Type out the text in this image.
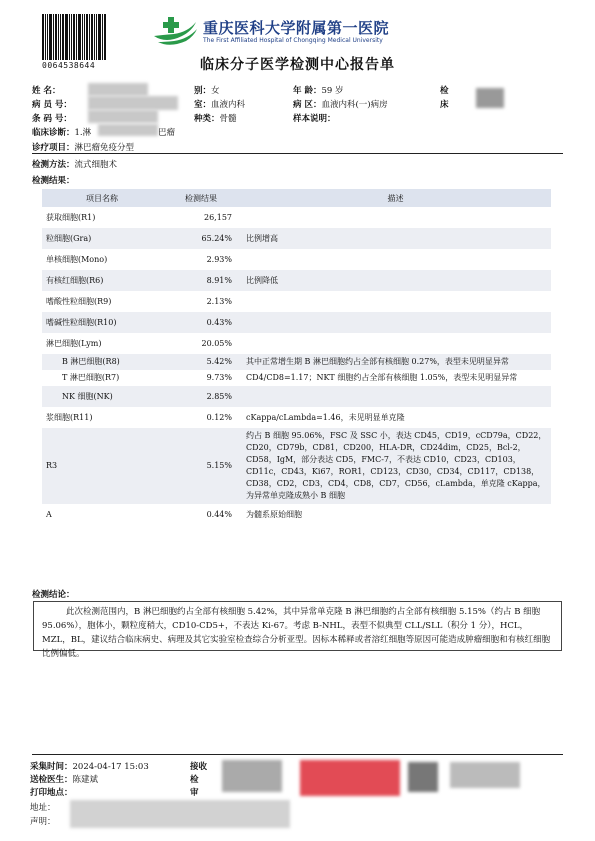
0064538644
重庆医科大学附属第一医院
The First Affiliated Hospital of Chongqing Medical University
临床分子医学检测中心报告单
姓 名：	别：女	年 龄：59 岁	检
病 员 号：	室：血液内科	病 区：血液内科(一)病房	床
条 码 号：	种类：骨髓	样本说明：
临床诊断：1.淋	巴瘤
诊疗项目：淋巴瘤免疫分型
检测方法：流式细胞术
检测结果：
项目名称	检测结果	描述
获取细胞(R1)	26,157	
粒细胞(Gra)	65.24%	比例增高
单核细胞(Mono)	2.93%	
有核红细胞(R6)	8.91%	比例降低
嗜酸性粒细胞(R9)	2.13%	
嗜碱性粒细胞(R10)	0.43%	
淋巴细胞(Lym)	20.05%	
B 淋巴细胞(R8)	5.42%	其中正常增生期 B 淋巴细胞约占全部有核细胞 0.27%，表型未见明显异常
T 淋巴细胞(R7)	9.73%	CD4/CD8=1.17；NKT 细胞约占全部有核细胞 1.05%，表型未见明显异常
NK 细胞(NK)	2.85%	
浆细胞(R11)	0.12%	cKappa/cLambda=1.46，未见明显单克隆
R3	5.15%	约占 B 细胞 95.06%，FSC 及 SSC 小，表达 CD45，CD19，cCD79a，CD22，CD20，CD79b，CD81，CD200，HLA-DR，CD24dim，CD25，Bcl-2，CD58，IgM，部分表达 CD5，FMC-7，不表达 CD10，CD23，CD103，CD11c，CD43，Ki67，ROR1，CD123，CD30，CD34，CD117，CD138，CD38，CD2，CD3，CD4，CD8，CD7，CD56，cLambda，单克隆 cKappa，为异常单克隆成熟小 B 细胞
A	0.44%	为髓系原始细胞
检测结论：
此次检测范围内，B 淋巴细胞约占全部有核细胞 5.42%，其中异常单克隆 B 淋巴细胞约占全部有核细胞 5.15%（约占 B 细胞 95.06%），胞体小，颗粒度稍大，CD10-CD5+，不表达 Ki-67。考虑 B-NHL，表型不似典型 CLL/SLL（积分 1 分），HCL，MZL，BL，建议结合临床病史、病理及其它实验室检查综合分析亚型。因标本稀释或者溶红细胞等原因可能造成肿瘤细胞和有核红细胞比例偏低。
采集时间：2024-04-17 15:03	接收
送检医生：陈建斌	检
打印地点：	审
地址：
声明：
